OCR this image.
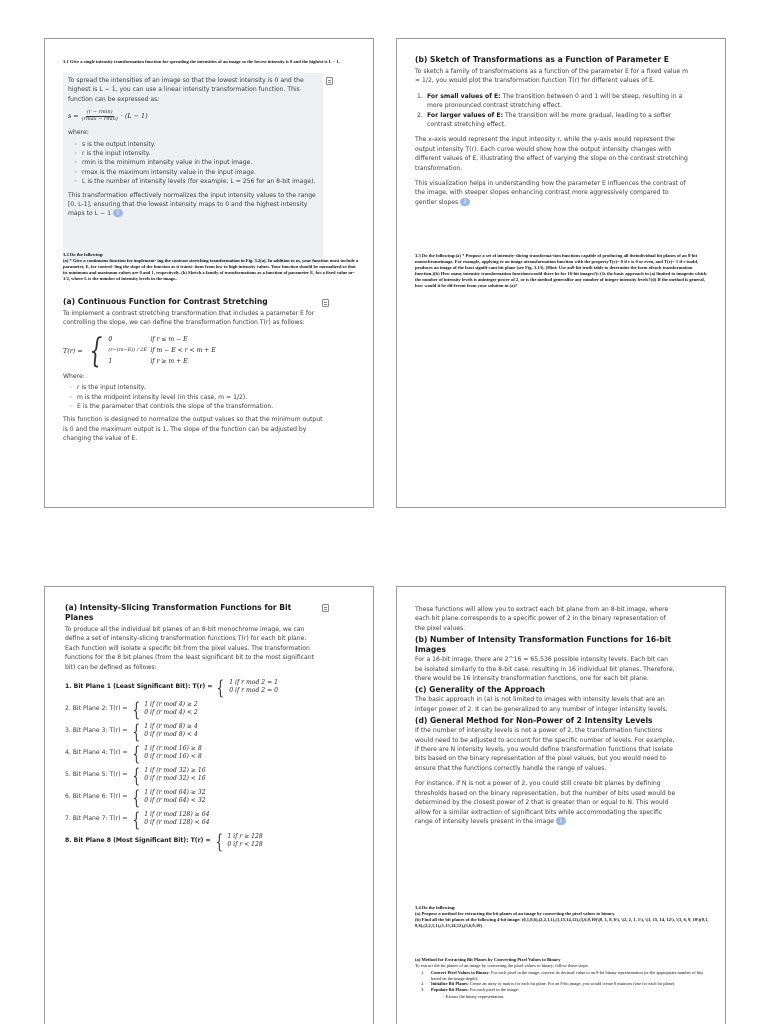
3.1 Give a single intensity transformation function for spreading the intensities of an image so the lowest intensity is 0 and the highest is L − 1.
To spread the intensities of an image so that the lowest intensity is 0 and the highest is L − 1, you can use a linear intensity transformation function. This function can be expressed as:
$s = \frac{(r - rmin)}{(rmax - rmin)} \cdot (L - 1)$
where:
◦ s is the output intensity.
◦ r is the input intensity.
◦ rmin is the minimum intensity value in the input image.
◦ rmax is the maximum intensity value in the input image.
◦ L is the number of intensity levels (for example, L = 256 for an 8-bit image).
This transformation effectively normalizes the input intensity values to the range [0, L-1], ensuring that the lowest intensity maps to 0 and the highest intensity maps to L − 1 1
3.2 Do the following:
(a) * Give a continuous function for implement- ing the contrast stretching transformation in Fig. 3.2(a). In addition to m, your function must include a parameter, E, for control- ling the slope of the function as it transi- tions from low to high intensity values. Your function should be normalized so that its minimum and maximum values are 0 and 1, respectively. (b) Sketch a family of transformations as a function of parameter E, for a fixed value m= 1/2, where L is the number of intensity levels in the image..
(a) Continuous Function for Contrast Stretching
To implement a contrast stretching transformation that includes a parameter E for controlling the slope, we can define the transformation function T(r) as follows:
T(r) = { 0	if r ≤ m − E
(r−(m−E)) / 2E if m − E < r < m + E
1	if r ≥ m + E
Where:
◦ r is the input intensity.
◦ m is the midpoint intensity level (in this case, m = 1/2).
◦ E is the parameter that controls the slope of the transformation.
This function is designed to normalize the output values so that the minimum output is 0 and the maximum output is 1. The slope of the function can be adjusted by changing the value of E.
(b) Sketch of Transformations as a Function of Parameter E
To sketch a family of transformations as a function of the parameter E for a fixed value m = 1/2, you would plot the transformation function T(r) for different values of E.
1. For small values of E: The transition between 0 and 1 will be steep, resulting in a more pronounced contrast stretching effect.
2. For larger values of E: The transition will be more gradual, leading to a softer contrast stretching effect.
The x-axis would represent the input intensity r, while the y-axis would represent the output intensity T(r). Each curve would show how the output intensity changes with different values of E, illustrating the effect of varying the slope on the contrast stretching transformation.
This visualization helps in understanding how the parameter E influences the contrast of the image, with steeper slopes enhancing contrast more aggressively compared to gentler slopes 1
3.3 Do the following:(a) * Propose a set of intensity-slicing transforma-tion functions capable of producing all theindividual bit planes of an 8-bit monochromeimage. For example, applying to an image atransformation function with the propertyT(r)= 0 if r is 0 or even, and T(r)= 1 if r isodd, produces an image of the least signifi-cant bit plane (see Fig. 3.13). (Hint: Use an8-bit truth table to determine the form ofeach transformation function.)(b) How many intensity transformation functionswould there be for 16-bit images?(c) Is the basic approach in (a) limited to imagesin which the number of intensity levels is aninteger power of 2, or is the method generalfor any number of integer intensity levels?(d) If the method is general, how would it be dif-ferent from your solution in (a)?
(a) Intensity-Slicing Transformation Functions for Bit Planes
To produce all the individual bit planes of an 8-bit monochrome image, we can define a set of intensity-slicing transformation functions T(r) for each bit plane. Each function will isolate a specific bit from the pixel values. The transformation functions for the 8 bit planes (from the least significant bit to the most significant bit) can be defined as follows:
1. Bit Plane 1 (Least Significant Bit): T(r) = { 1 if r mod 2 = 1
0 if r mod 2 = 0
2. Bit Plane 2: T(r) = { 1 if (r mod 4) ≥ 2
0 if (r mod 4) < 2
3. Bit Plane 3: T(r) = { 1 if (r mod 8) ≥ 4
0 if (r mod 8) < 4
4. Bit Plane 4: T(r) = { 1 if (r mod 16) ≥ 8
0 if (r mod 16) < 8
5. Bit Plane 5: T(r) = { 1 if (r mod 32) ≥ 16
0 if (r mod 32) < 16
6. Bit Plane 6: T(r) = { 1 if (r mod 64) ≥ 32
0 if (r mod 64) < 32
7. Bit Plane 7: T(r) = { 1 if (r mod 128) ≥ 64
0 if (r mod 128) < 64
8. Bit Plane 8 (Most Significant Bit): T(r) = { 1 if r ≥ 128
0 if r < 128
These functions will allow you to extract each bit plane from an 8-bit image, where each bit plane corresponds to a specific power of 2 in the binary representation of the pixel values.
(b) Number of Intensity Transformation Functions for 16-bit Images
For a 16-bit image, there are 2^16 = 65,536 possible intensity levels. Each bit can be isolated similarly to the 8-bit case, resulting in 16 individual bit planes. Therefore, there would be 16 intensity transformation functions, one for each bit plane.
(c) Generality of the Approach
The basic approach in (a) is not limited to images with intensity levels that are an integer power of 2. It can be generalized to any number of integer intensity levels.
(d) General Method for Non-Power of 2 Intensity Levels
If the number of intensity levels is not a power of 2, the transformation functions would need to be adjusted to account for the specific number of levels. For example, if there are N intensity levels, you would define transformation functions that isolate bits based on the binary representation of the pixel values, but you would need to ensure that the functions correctly handle the range of values.
For instance, if N is not a power of 2, you could still create bit planes by defining thresholds based on the binary representation, but the number of bits used would be determined by the closest power of 2 that is greater than or equal to N. This would allow for a similar extraction of significant bits while accommodating the specific range of intensity levels present in the image 1
3.4 Do the following:
(a) Propose a method for extracting the bit planes of an image by converting the pixel values to binary.
(b) Find all the bit planes of the following 4-bit image: (0,1,8,6),(2,2,1,1),(1,15,14,12),(3,6,9,10)\(0, 1, 8, 6\), \(2, 2, 1, 1\), \(1, 15, 14, 12\), \(3, 6, 9, 10\)(0,1,8,6),(2,2,1,1),(1,15,14,12),(3,6,9,10)
(a) Method for Extracting Bit Planes by Converting Pixel Values to Binary
To extract the bit planes of an image by converting the pixel values to binary, follow these steps:
1. Convert Pixel Values to Binary: For each pixel in the image, convert its decimal value to an 8-bit binary representation (or the appropriate number of bits based on the image depth).
2. Initialize Bit Planes: Create an array or matrix for each bit plane. For an 8-bit image, you would create 8 matrices (one for each bit plane).
3. Populate Bit Planes: For each pixel in the image:
◦ Extract the binary representation.
